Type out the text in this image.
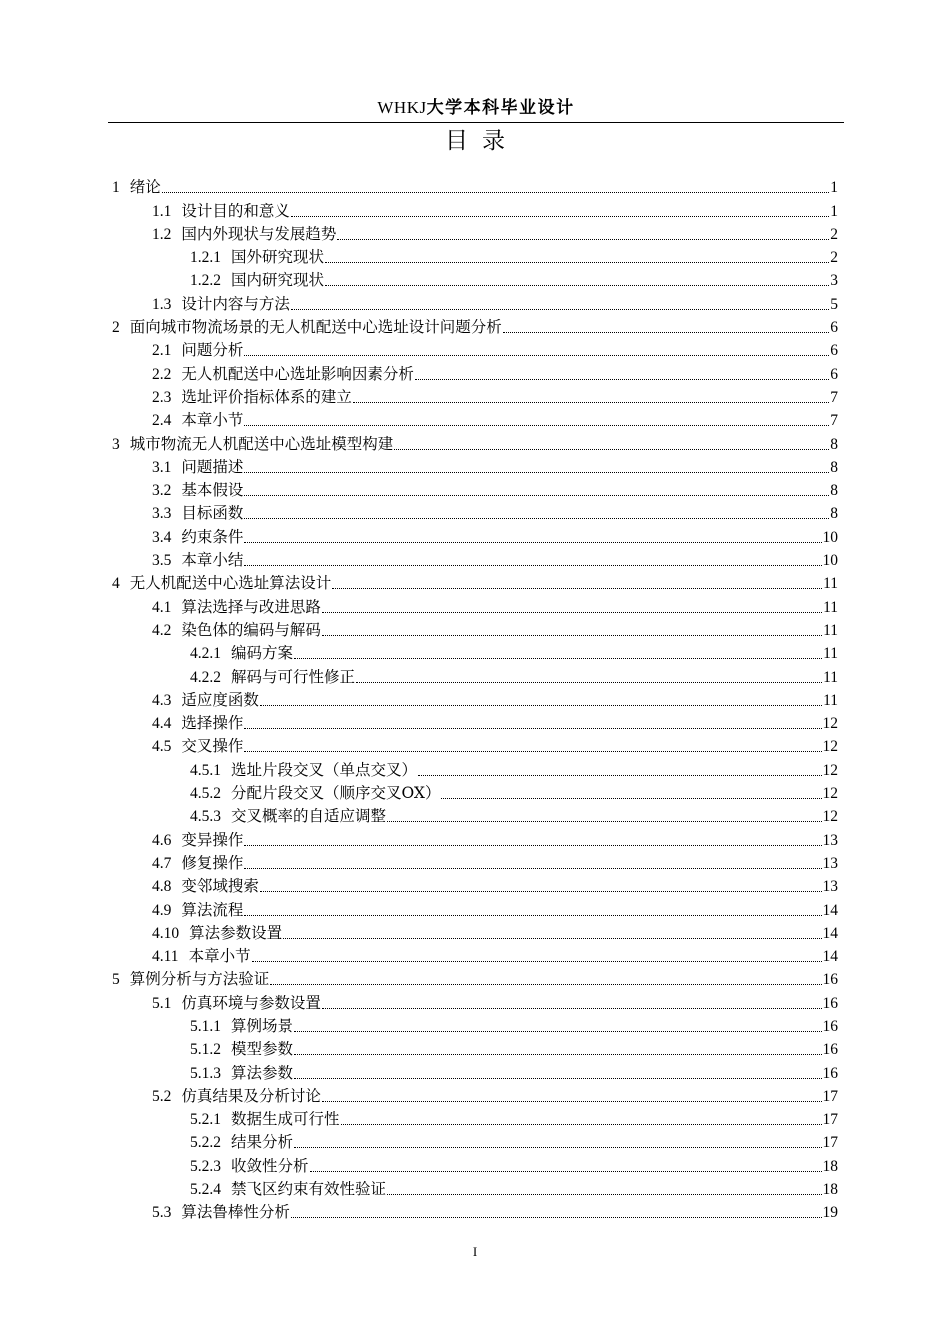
WHKJ大学本科毕业设计
目录
1 绪论	1
1.1 设计目的和意义	1
1.2 国内外现状与发展趋势	2
1.2.1 国外研究现状	2
1.2.2 国内研究现状	3
1.3 设计内容与方法	5
2 面向城市物流场景的无人机配送中心选址设计问题分析	6
2.1 问题分析	6
2.2 无人机配送中心选址影响因素分析	6
2.3 选址评价指标体系的建立	7
2.4 本章小节	7
3 城市物流无人机配送中心选址模型构建	8
3.1 问题描述	8
3.2 基本假设	8
3.3 目标函数	8
3.4 约束条件	10
3.5 本章小结	10
4 无人机配送中心选址算法设计	11
4.1 算法选择与改进思路	11
4.2 染色体的编码与解码	11
4.2.1 编码方案	11
4.2.2 解码与可行性修正	11
4.3 适应度函数	11
4.4 选择操作	12
4.5 交叉操作	12
4.5.1 选址片段交叉（单点交叉）	12
4.5.2 分配片段交叉（顺序交叉OX）	12
4.5.3 交叉概率的自适应调整	12
4.6 变异操作	13
4.7 修复操作	13
4.8 变邻域搜索	13
4.9 算法流程	14
4.10 算法参数设置	14
4.11 本章小节	14
5 算例分析与方法验证	16
5.1 仿真环境与参数设置	16
5.1.1 算例场景	16
5.1.2 模型参数	16
5.1.3 算法参数	16
5.2 仿真结果及分析讨论	17
5.2.1 数据生成可行性	17
5.2.2 结果分析	17
5.2.3 收敛性分析	18
5.2.4 禁飞区约束有效性验证	18
5.3 算法鲁棒性分析	19
I
